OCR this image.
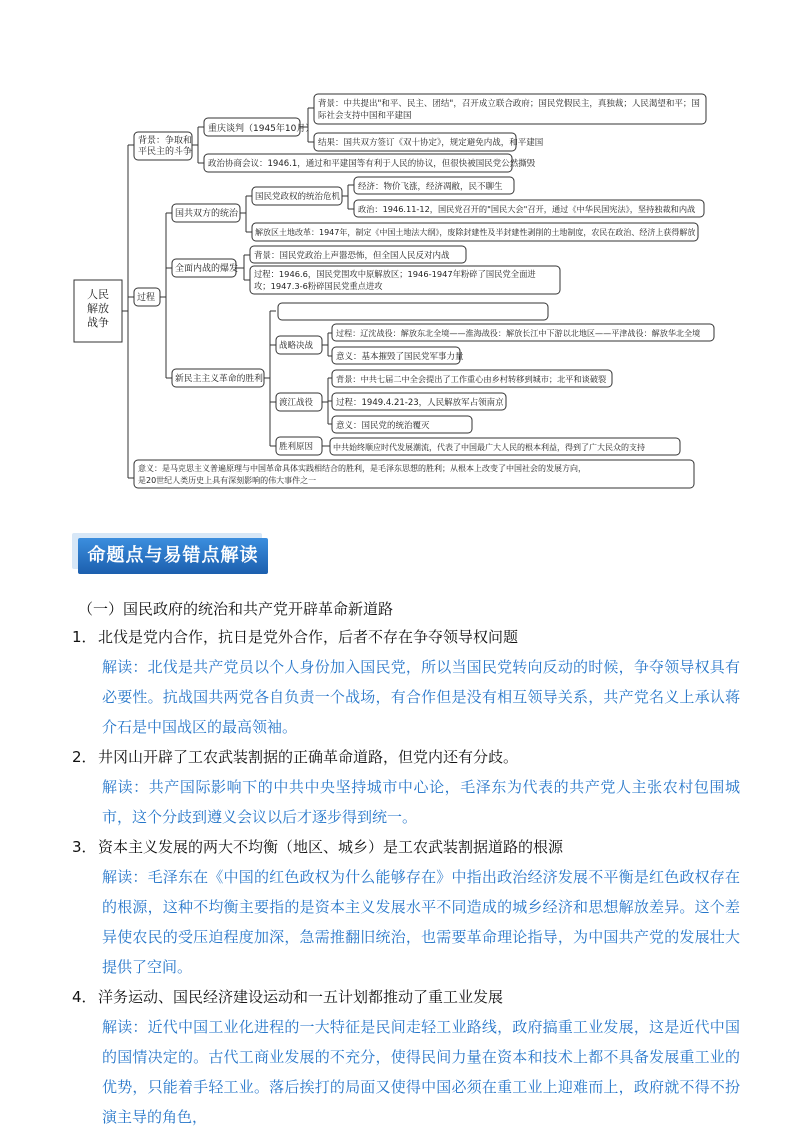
人民解放战争
背景：争取和平民主的斗争
重庆谈判（1945年10月）
背景：中共提出"和平、民主、团结"，召开成立联合政府；国民党假民主，真独裁；人民渴望和平；国际社会支持中国和平建国
结果：国共双方签订《双十协定》，规定避免内战，和平建国
政治协商会议：1946.1，通过和平建国等有利于人民的协议，但很快被国民党公然撕毁
过程
国共双方的统治
国民党政权的统治危机
经济：物价飞涨，经济凋敝，民不聊生
政治：1946.11-12，国民党召开的"国民大会"召开，通过《中华民国宪法》，坚持独裁和内战
解放区土地改革：1947年，制定《中国土地法大纲》，废除封建性及半封建性剥削的土地制度，农民在政治、经济上获得解放
全面内战的爆发
背景：国民党政治上声嚣恐怖，但全国人民反对内战
过程：1946.6，国民党围攻中原解放区；1946-1947年粉碎了国民党全面进攻；1947.3-6粉碎国民党重点进攻
新民主主义革命的胜利
战略决战
过程：辽沈战役：解放东北全境——淮海战役：解放长江中下游以北地区——平津战役：解放华北全境
意义：基本摧毁了国民党军事力量
渡江战役
背景：中共七届二中全会提出了工作重心由乡村转移到城市；北平和谈破裂
过程：1949.4.21-23，人民解放军占领南京
意义：国民党的统治覆灭
胜利原因 中共始终顺应时代发展潮流，代表了中国最广大人民的根本利益，得到了广大民众的支持
意义：是马克思主义普遍原理与中国革命具体实践相结合的胜利，是毛泽东思想的胜利；从根本上改变了中国社会的发展方向，
是20世纪人类历史上具有深刻影响的伟大事件之一
命题点与易错点解读

（一）国民政府的统治和共产党开辟革命新道路

1． 北伐是党内合作，抗日是党外合作，后者不存在争夺领导权问题

解读：北伐是共产党员以个人身份加入国民党，所以当国民党转向反动的时候，争夺领导权具有必要性。抗战国共两党各自负责一个战场，有合作但是没有相互领导关系，共产党名义上承认蒋介石是中国战区的最高领袖。

2． 井冈山开辟了工农武装割据的正确革命道路，但党内还有分歧。

解读：共产国际影响下的中共中央坚持城市中心论，毛泽东为代表的共产党人主张农村包围城市，这个分歧到遵义会议以后才逐步得到统一。

3． 资本主义发展的两大不均衡（地区、城乡）是工农武装割据道路的根源

解读：毛泽东在《中国的红色政权为什么能够存在》中指出政治经济发展不平衡是红色政权存在的根源，这种不均衡主要指的是资本主义发展水平不同造成的城乡经济和思想解放差异。这个差异使农民的受压迫程度加深，急需推翻旧统治，也需要革命理论指导，为中国共产党的发展壮大提供了空间。

4． 洋务运动、国民经济建设运动和一五计划都推动了重工业发展

解读：近代中国工业化进程的一大特征是民间走轻工业路线，政府搞重工业发展，这是近代中国的国情决定的。古代工商业发展的不充分，使得民间力量在资本和技术上都不具备发展重工业的优势，只能着手轻工业。落后挨打的局面又使得中国必须在重工业上迎难而上，政府就不得不扮演主导的角色，
